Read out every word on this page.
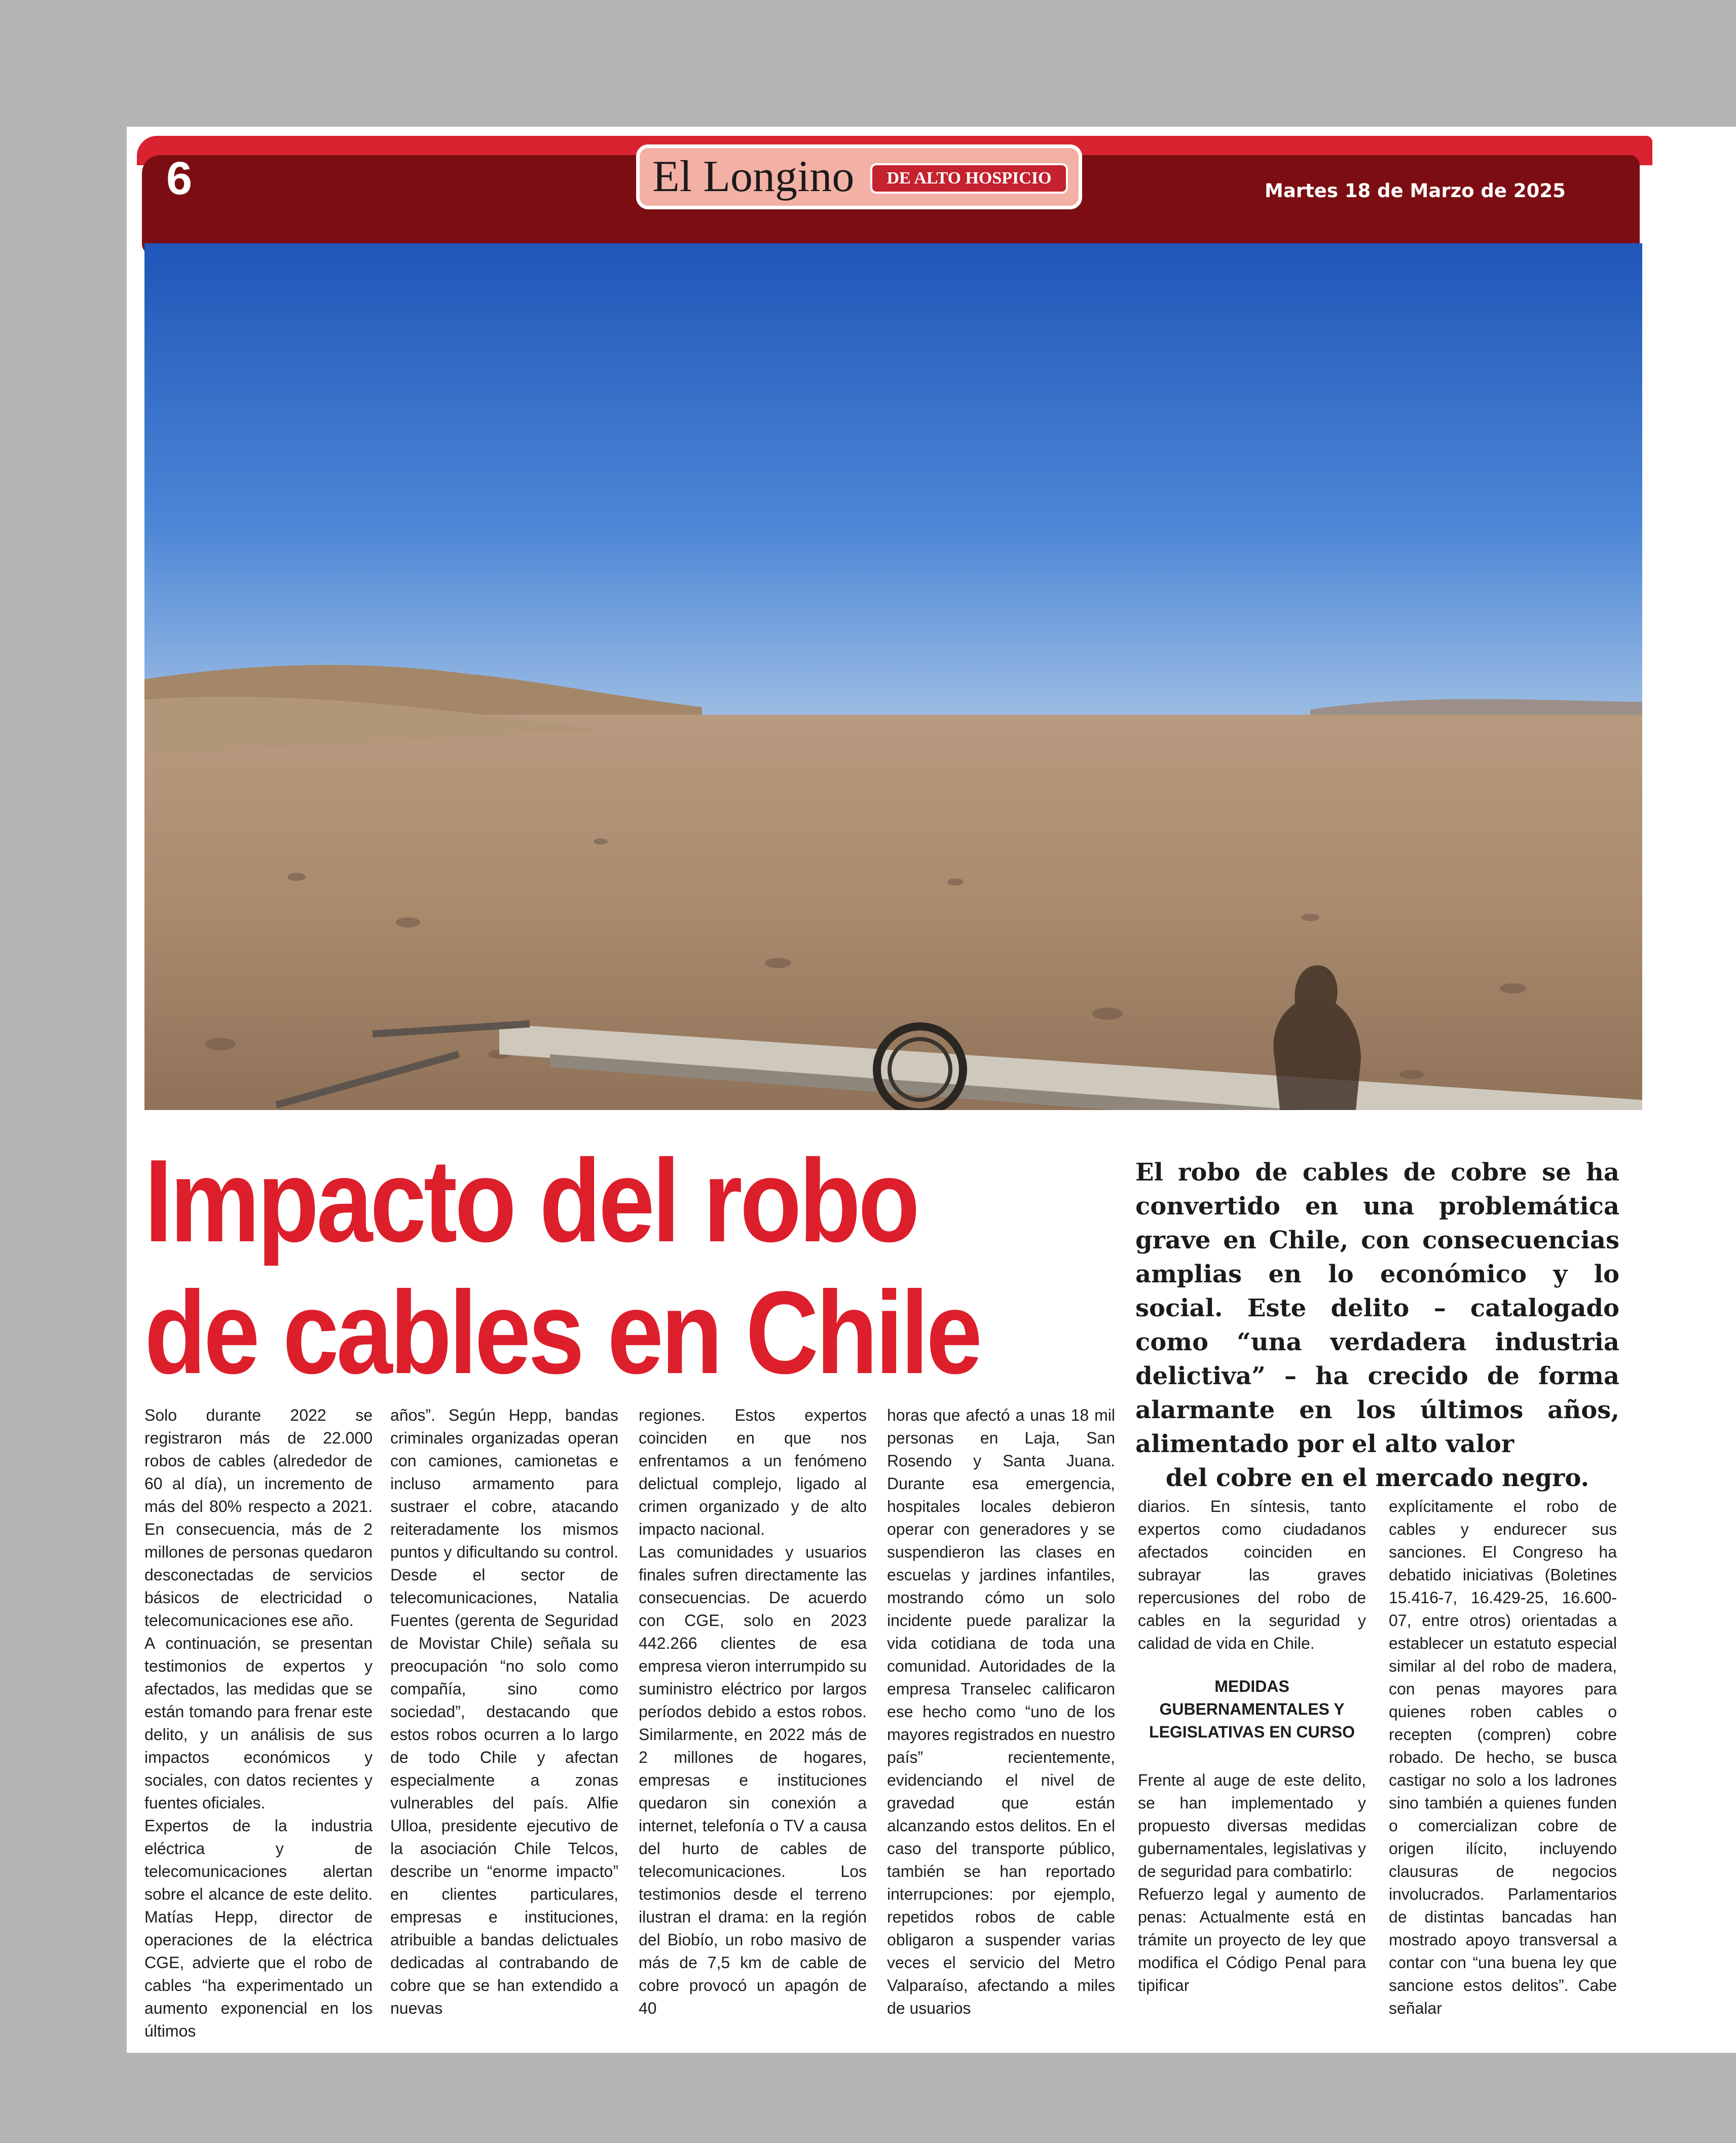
6	El Longino	DE ALTO HOSPICIO
Martes 18 de Marzo de 2025
Impacto del robo
de cables en Chile
El robo de cables de cobre se ha convertido en una problemática grave en Chile, con consecuencias amplias en lo económico y lo social. Este delito – catalogado como “una verdadera industria delictiva” – ha crecido de forma alarmante en los últimos años, alimentado por el alto valor
del cobre en el mercado negro.

Solo durante 2022 se registraron más de 22.000 robos de cables (alrededor de 60 al día), un incremento de más del 80% respecto a 2021. En consecuencia, más de 2 millones de personas quedaron desconectadas de servicios básicos de electricidad o telecomunicaciones ese año.

A continuación, se presentan testimonios de expertos y afectados, las medidas que se están tomando para frenar este delito, y un análisis de sus impactos económicos y sociales, con datos recientes y fuentes oficiales.

Expertos de la industria eléctrica y de telecomunicaciones alertan sobre el alcance de este delito. Matías Hepp, director de operaciones de la eléctrica CGE, advierte que el robo de cables “ha experimentado un aumento exponencial en los últimos

años”. Según Hepp, bandas criminales organizadas operan con camiones, camionetas e incluso armamento para sustraer el cobre, atacando reiteradamente los mismos puntos y dificultando su control. Desde el sector de telecomunicaciones, Natalia Fuentes (gerenta de Seguridad de Movistar Chile) señala su preocupación “no solo como compañía, sino como sociedad”, destacando que estos robos ocurren a lo largo de todo Chile y afectan especialmente a zonas vulnerables del país. Alfie Ulloa, presidente ejecutivo de la asociación Chile Telcos, describe un “enorme impacto” en clientes particulares, empresas e instituciones, atribuible a bandas delictuales dedicadas al contrabando de cobre que se han extendido a nuevas

regiones. Estos expertos coinciden en que nos enfrentamos a un fenómeno delictual complejo, ligado al crimen organizado y de alto impacto nacional.

Las comunidades y usuarios finales sufren directamente las consecuencias. De acuerdo con CGE, solo en 2023 442.266 clientes de esa empresa vieron interrumpido su suministro eléctrico por largos períodos debido a estos robos. Similarmente, en 2022 más de 2 millones de hogares, empresas e instituciones quedaron sin conexión a internet, telefonía o TV a causa del hurto de cables de telecomunicaciones. Los testimonios desde el terreno ilustran el drama: en la región del Biobío, un robo masivo de más de 7,5 km de cable de cobre provocó un apagón de 40

horas que afectó a unas 18 mil personas en Laja, San Rosendo y Santa Juana. Durante esa emergencia, hospitales locales debieron operar con generadores y se suspendieron las clases en escuelas y jardines infantiles, mostrando cómo un solo incidente puede paralizar la vida cotidiana de toda una comunidad. Autoridades de la empresa Transelec calificaron ese hecho como “uno de los mayores registrados en nuestro país” recientemente, evidenciando el nivel de gravedad que están alcanzando estos delitos. En el caso del transporte público, también se han reportado interrupciones: por ejemplo, repetidos robos de cable obligaron a suspender varias veces el servicio del Metro Valparaíso, afectando a miles de usuarios

diarios. En síntesis, tanto expertos como ciudadanos afectados coinciden en subrayar las graves repercusiones del robo de cables en la seguridad y calidad de vida en Chile.

MEDIDAS GUBERNAMENTALES Y LEGISLATIVAS EN CURSO

Frente al auge de este delito, se han implementado y propuesto diversas medidas gubernamentales, legislativas y de seguridad para combatirlo:

Refuerzo legal y aumento de penas: Actualmente está en trámite un proyecto de ley que modifica el Código Penal para tipificar

explícitamente el robo de cables y endurecer sus sanciones. El Congreso ha debatido iniciativas (Boletines 15.416-7, 16.429-25, 16.600-07, entre otros) orientadas a establecer un estatuto especial similar al del robo de madera, con penas mayores para quienes roben cables o recepten (compren) cobre robado. De hecho, se busca castigar no solo a los ladrones sino también a quienes funden o comercializan cobre de origen ilícito, incluyendo clausuras de negocios involucrados. Parlamentarios de distintas bancadas han mostrado apoyo transversal a contar con “una buena ley que sancione estos delitos”. Cabe señalar
